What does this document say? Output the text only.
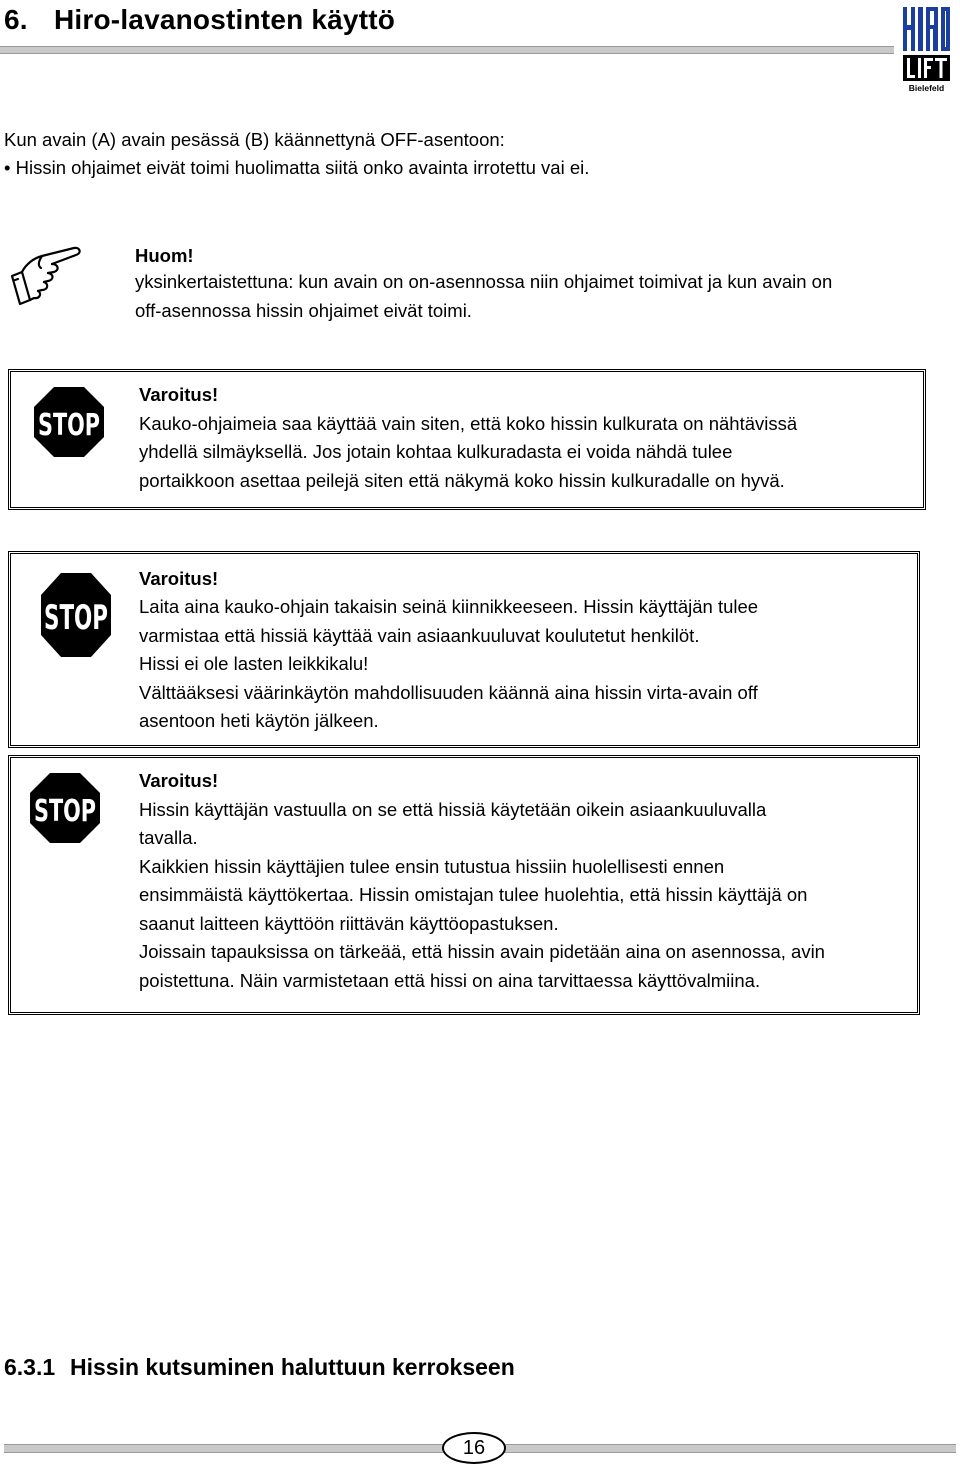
6. Hiro-lavanostinten käyttö
Bielefeld
Kun avain (A) avain pesässä (B) käännettynä OFF-asentoon:
• Hissin ohjaimet eivät toimi huolimatta siitä onko avainta irrotettu vai ei.
Huom!
yksinkertaistettuna: kun avain on on-asennossa niin ohjaimet toimivat ja kun avain on
off-asennossa hissin ohjaimet eivät toimi.
STOP
Varoitus!
Kauko-ohjaimeia saa käyttää vain siten, että koko hissin kulkurata on nähtävissä
yhdellä silmäyksellä. Jos jotain kohtaa kulkuradasta ei voida nähdä tulee
portaikkoon asettaa peilejä siten että näkymä koko hissin kulkuradalle on hyvä.
STOP
Varoitus!
Laita aina kauko-ohjain takaisin seinä kiinnikkeeseen. Hissin käyttäjän tulee
varmistaa että hissiä käyttää vain asiaankuuluvat koulutetut henkilöt.
Hissi ei ole lasten leikkikalu!
Välttääksesi väärinkäytön mahdollisuuden käännä aina hissin virta-avain off
asentoon heti käytön jälkeen.
STOP
Varoitus!
Hissin käyttäjän vastuulla on se että hissiä käytetään oikein asiaankuuluvalla
tavalla.
Kaikkien hissin käyttäjien tulee ensin tutustua hissiin huolellisesti ennen
ensimmäistä käyttökertaa. Hissin omistajan tulee huolehtia, että hissin käyttäjä on
saanut laitteen käyttöön riittävän käyttöopastuksen.
Joissain tapauksissa on tärkeää, että hissin avain pidetään aina on asennossa, avin
poistettuna. Näin varmistetaan että hissi on aina tarvittaessa käyttövalmiina.
6.3.1 Hissin kutsuminen haluttuun kerrokseen
16
